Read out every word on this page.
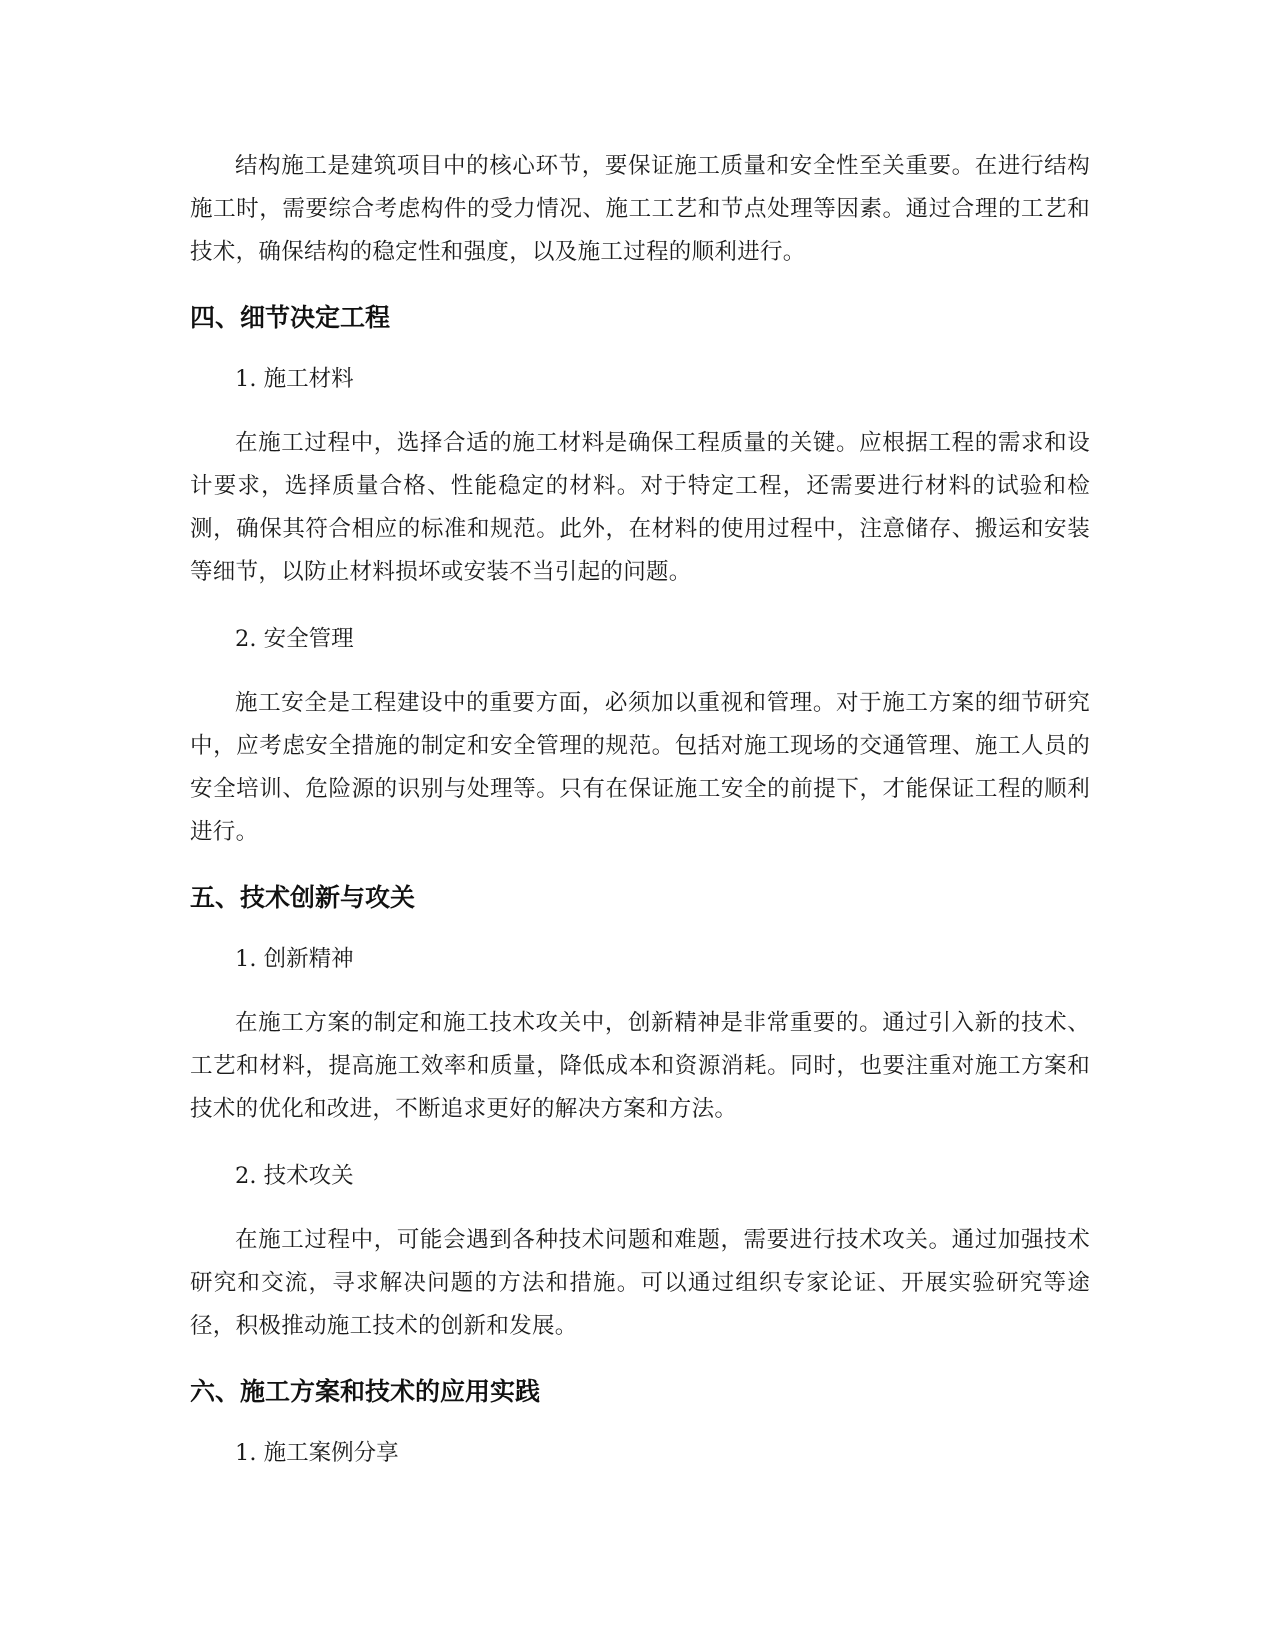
结构施工是建筑项目中的核心环节，要保证施工质量和安全性至关重要。在进行结构施工时，需要综合考虑构件的受力情况、施工工艺和节点处理等因素。通过合理的工艺和技术，确保结构的稳定性和强度，以及施工过程的顺利进行。

四、细节决定工程

1. 施工材料

在施工过程中，选择合适的施工材料是确保工程质量的关键。应根据工程的需求和设计要求，选择质量合格、性能稳定的材料。对于特定工程，还需要进行材料的试验和检测，确保其符合相应的标准和规范。此外，在材料的使用过程中，注意储存、搬运和安装等细节，以防止材料损坏或安装不当引起的问题。

2. 安全管理

施工安全是工程建设中的重要方面，必须加以重视和管理。对于施工方案的细节研究中，应考虑安全措施的制定和安全管理的规范。包括对施工现场的交通管理、施工人员的安全培训、危险源的识别与处理等。只有在保证施工安全的前提下，才能保证工程的顺利进行。

五、技术创新与攻关

1. 创新精神

在施工方案的制定和施工技术攻关中，创新精神是非常重要的。通过引入新的技术、工艺和材料，提高施工效率和质量，降低成本和资源消耗。同时，也要注重对施工方案和技术的优化和改进，不断追求更好的解决方案和方法。

2. 技术攻关

在施工过程中，可能会遇到各种技术问题和难题，需要进行技术攻关。通过加强技术研究和交流，寻求解决问题的方法和措施。可以通过组织专家论证、开展实验研究等途径，积极推动施工技术的创新和发展。

六、施工方案和技术的应用实践

1. 施工案例分享
